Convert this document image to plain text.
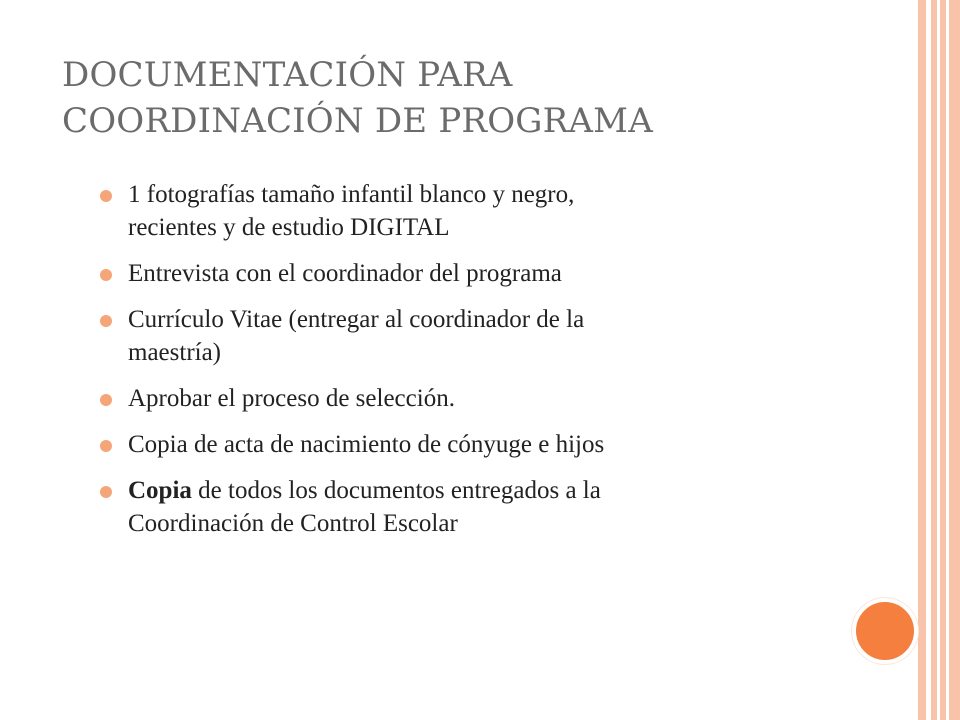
DOCUMENTACIÓN PARA
COORDINACIÓN DE PROGRAMA
1 fotografías tamaño infantil blanco y negro,
recientes y de estudio DIGITAL
Entrevista con el coordinador del programa
Currículo Vitae (entregar al coordinador de la
maestría)
Aprobar el proceso de selección.
Copia de acta de nacimiento de cónyuge e hijos
Copia de todos los documentos entregados a la
Coordinación de Control Escolar
